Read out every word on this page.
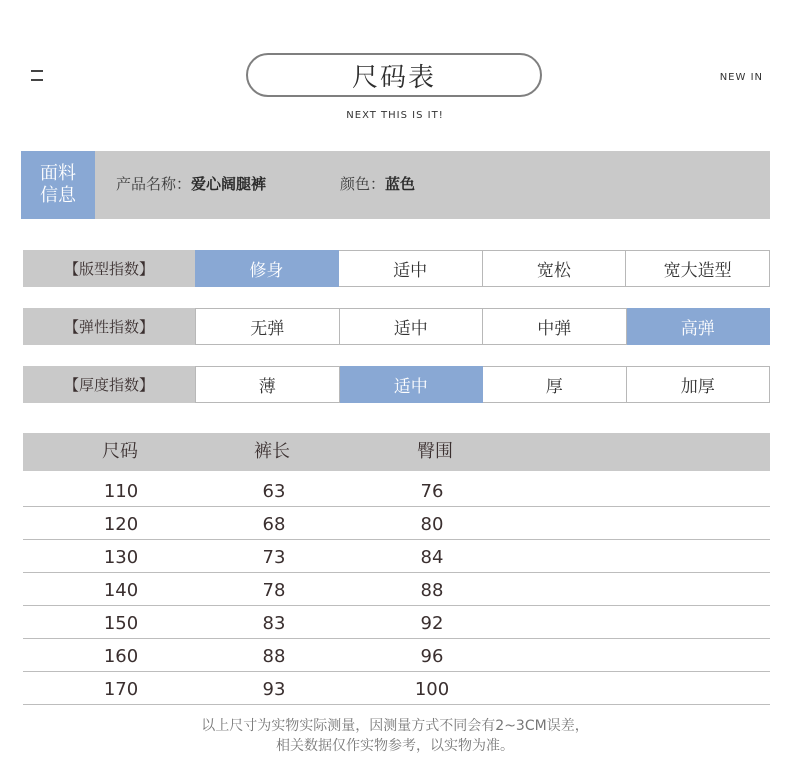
NEW IN
尺码表
NEXT THIS IS IT!
面料信息
产品名称：爱心阔腿裤	颜色：蓝色
【版型指数】	修身	适中	宽松	宽大造型
【弹性指数】	无弹	适中	中弹	高弹
【厚度指数】	薄	适中	厚	加厚
尺码	裤长	臀围
110	63	76
120	68	80
130	73	84
140	78	88
150	83	92
160	88	96
170	93	100
以上尺寸为实物实际测量，因测量方式不同会有2~3CM误差，
相关数据仅作实物参考，以实物为准。
